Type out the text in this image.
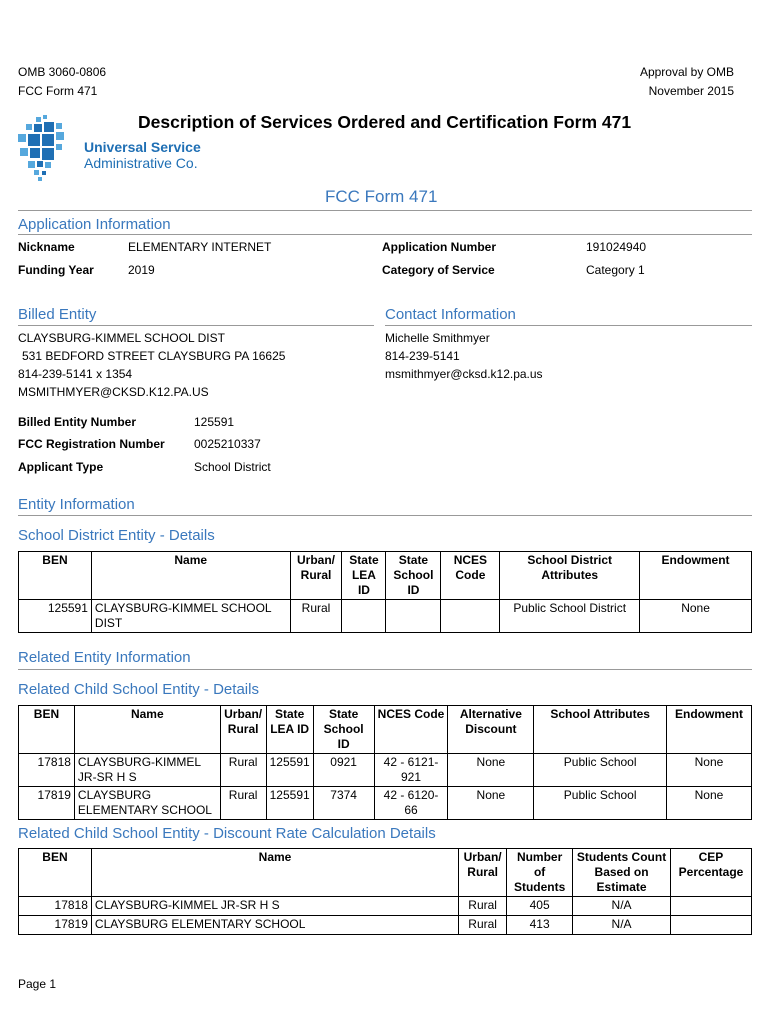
OMB 3060-0806
FCC Form 471
Approval by OMB
November 2015
Universal Service
Administrative Co.
Description of Services Ordered and Certification Form 471
FCC Form 471
Application Information
Nickname	ELEMENTARY INTERNET	Application Number	191024940
Funding Year	2019	Category of Service	Category 1
Billed Entity
CLAYSBURG-KIMMEL SCHOOL DIST
531 BEDFORD STREET CLAYSBURG PA 16625
814-239-5141 x 1354
MSMITHMYER@CKSD.K12.PA.US
Contact Information
Michelle Smithmyer
814-239-5141
msmithmyer@cksd.k12.pa.us
Billed Entity Number	125591
FCC Registration Number 0025210337
Applicant Type	School District
Entity Information
School District Entity - Details
BEN	Name	Urban/ Rural	State LEA ID	State School ID	NCES Code	School District Attributes	Endowment
125591	CLAYSBURG-KIMMEL SCHOOL DIST	Rural				Public School District	None
Related Entity Information
Related Child School Entity - Details
BEN	Name	Urban/ Rural	State LEA ID	State School ID	NCES Code	Alternative Discount	School Attributes	Endowment
17818	CLAYSBURG-KIMMEL JR-SR H S	Rural	125591	0921	42 - 6121- 921	None	Public School	None
17819	CLAYSBURG ELEMENTARY SCHOOL	Rural	125591	7374	42 - 6120- 66	None	Public School	None
Related Child School Entity - Discount Rate Calculation Details
BEN	Name	Urban/ Rural	Number of Students	Students Count Based on Estimate	CEP Percentage
17818	CLAYSBURG-KIMMEL JR-SR H S	Rural	405	N/A	
17819	CLAYSBURG ELEMENTARY SCHOOL	Rural	413	N/A	
Page 1
